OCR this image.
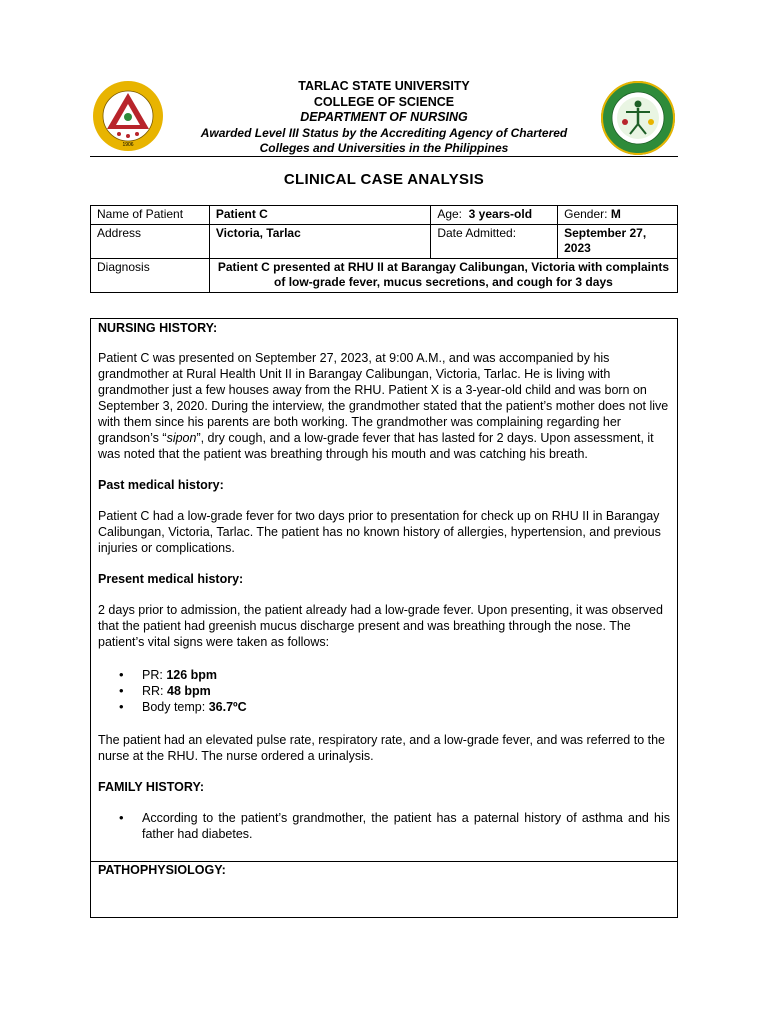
1906
TARLAC STATE UNIVERSITY
COLLEGE OF SCIENCE
DEPARTMENT OF NURSING
Awarded Level III Status by the Accrediting Agency of Chartered
Colleges and Universities in the Philippines
CLINICAL CASE ANALYSIS
Name of Patient	Patient C	Age: 3 years-old	Gender: M
Address	Victoria, Tarlac	Date Admitted:	September 27, 2023
Diagnosis	Patient C presented at RHU II at Barangay Calibungan, Victoria with complaints of low-grade fever, mucus secretions, and cough for 3 days		

NURSING HISTORY:

Patient C was presented on September 27, 2023, at 9:00 A.M., and was accompanied by his grandmother at Rural Health Unit II in Barangay Calibungan, Victoria, Tarlac. He is living with grandmother just a few houses away from the RHU. Patient X is a 3-year-old child and was born on September 3, 2020. During the interview, the grandmother stated that the patient’s mother does not live with them since his parents are both working. The grandmother was complaining regarding her grandson’s “sipon”, dry cough, and a low-grade fever that has lasted for 2 days. Upon assessment, it was noted that the patient was breathing through his mouth and was catching his breath.

Past medical history:

Patient C had a low-grade fever for two days prior to presentation for check up on RHU II in Barangay Calibungan, Victoria, Tarlac. The patient has no known history of allergies, hypertension, and previous injuries or complications.

Present medical history:

2 days prior to admission, the patient already had a low-grade fever. Upon presenting, it was observed that the patient had greenish mucus discharge present and was breathing through the nose. The patient’s vital signs were taken as follows:

• PR: 126 bpm
• RR: 48 bpm
• Body temp: 36.7ºC

The patient had an elevated pulse rate, respiratory rate, and a low-grade fever, and was referred to the nurse at the RHU. The nurse ordered a urinalysis.

FAMILY HISTORY:

• According to the patient’s grandmother, the patient has a paternal history of asthma and his father had diabetes.

PATHOPHYSIOLOGY:
